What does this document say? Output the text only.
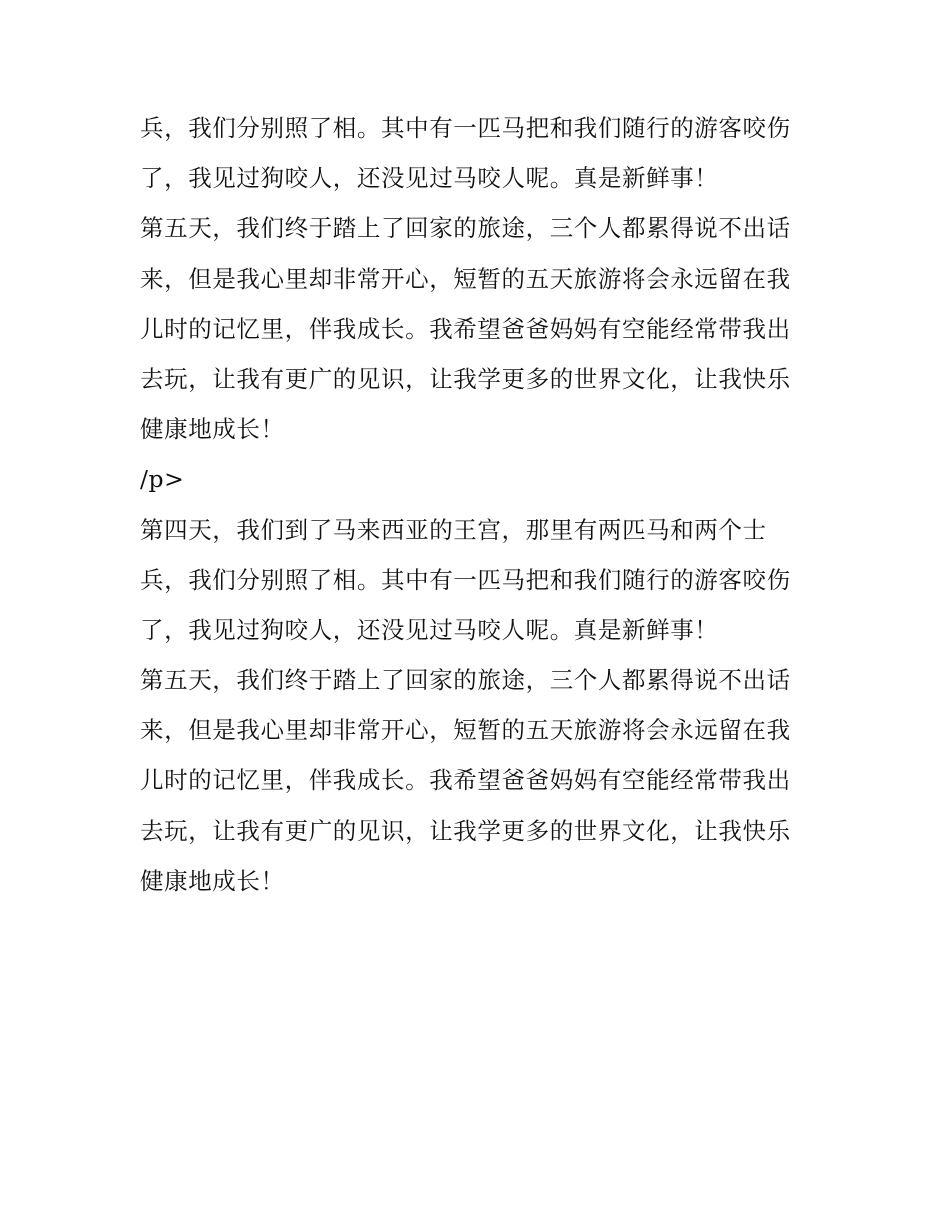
兵，我们分别照了相。其中有一匹马把和我们随行的游客咬伤
了，我见过狗咬人，还没见过马咬人呢。真是新鲜事！
第五天，我们终于踏上了回家的旅途，三个人都累得说不出话
来，但是我心里却非常开心，短暂的五天旅游将会永远留在我
儿时的记忆里，伴我成长。我希望爸爸妈妈有空能经常带我出
去玩，让我有更广的见识，让我学更多的世界文化，让我快乐
健康地成长！
/p>
第四天，我们到了马来西亚的王宫，那里有两匹马和两个士
兵，我们分别照了相。其中有一匹马把和我们随行的游客咬伤
了，我见过狗咬人，还没见过马咬人呢。真是新鲜事！
第五天，我们终于踏上了回家的旅途，三个人都累得说不出话
来，但是我心里却非常开心，短暂的五天旅游将会永远留在我
儿时的记忆里，伴我成长。我希望爸爸妈妈有空能经常带我出
去玩，让我有更广的见识，让我学更多的世界文化，让我快乐
健康地成长！
